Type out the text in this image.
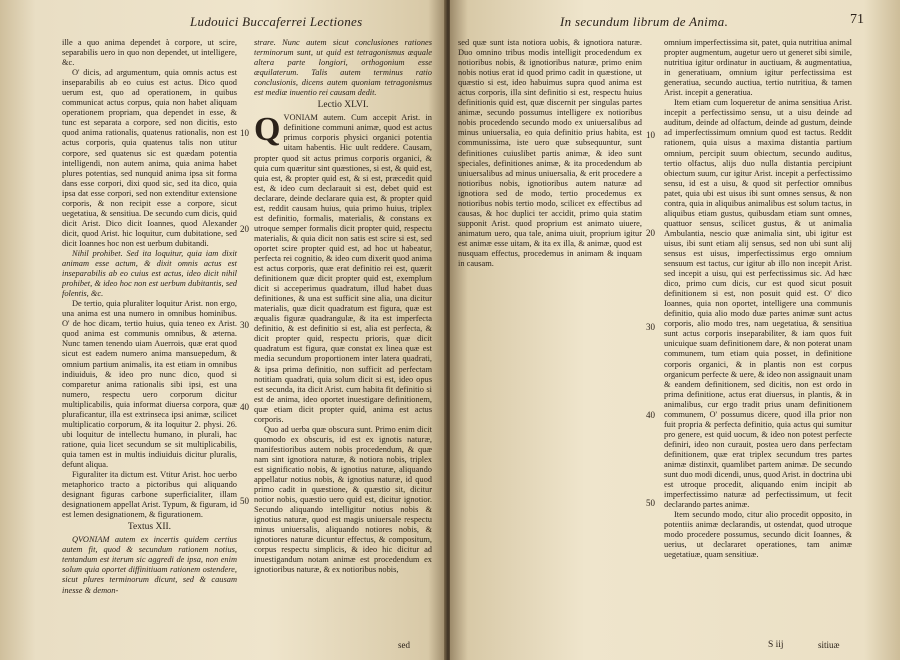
Ludouici Buccaferrei Lectiones

ille a quo anima dependet à corpore, ut scire, separabilis uero in quo non dependet, ut intelligere, &c.

O' dicis, ad argumentum, quia omnis actus est inseparabilis ab eo cuius est actus. Dico quod uerum est, quo ad operationem, in quibus communicat actus corpus, quia non habet aliquam operationem propriam, qua dependet in esse, & tunc est separata a corpore, sed non dicitis, esto quod anima rationalis, quatenus rationalis, non est actus corporis, quia quatenus talis non utitur corpore, sed quatenus sic est quædam potentia intelligendi, non autem anima, quia anima habet plures potentias, sed nunquid anima ipsa sit forma dans esse corpori, dixi quod sic, sed ita dico, quia ipsa dat esse corpori, sed non extenditur extensione corporis, & non recipit esse a corpore, sicut uegetatiua, & sensitiua. De secundo cum dicis, quid dicit Arist. Dico dicit Ioannes, quod Alexander dicit, quod Arist. hic loquitur, cum dubitatione, sed dicit Ioannes hoc non est uerbum dubitandi.

Nihil prohibet. Sed ita loquitur, quia iam dixit animam esse actum, & dixit omnis actus est inseparabilis ab eo cuius est actus, ideo dicit nihil prohibet, & ideo hoc non est uerbum dubitantis, sed folentis, &c.

De tertio, quia pluraliter loquitur Arist. non ergo, una anima est una numero in omnibus hominibus. O' de hoc dicam, tertio huius, quia teneo ex Arist. quod anima est communis omnibus, & æterna. Nunc tamen tenendo uiam Auerrois, quæ erat quod sicut est eadem numero anima mansuepedum, & omnium partium animalis, ita est etiam in omnibus indiuiduis, & ideo pro nunc dico, quod si comparetur anima rationalis sibi ipsi, est una numero, respectu uero corporum dicitur multiplicabilis, quia informat diuersa corpora, quæ pluraficantur, illa est extrinseca ipsi animæ, scilicet multiplicatio corporum, & ita loquitur 2. physi. 26. ubi loquitur de intellectu humano, in plurali, hac ratione, quia licet secundum se sit multiplicabilis, quia tamen est in multis indiuiduis dicitur pluralis, defunt aliqua.

Figuraliter ita dictum est. Vtitur Arist. hoc uerbo metaphorico tracto a pictoribus qui aliquando designant figuras carbone superficialiter, illam designationem appellat Arist. Typum, & figuram, id est lemen designationem, & figurationem.

Textus XII.

QVONIAM autem ex incertis quidem certius autem fit, quod & secundum rationem notius, tentandum est iterum sic aggredi de ipsa, non enim solum quia oportet diffinitiuam rationem ostendere, sicut plures terminorum dicunt, sed & causam inesse & demon-

10
20
30
40
50

strare. Nunc autem sicut conclusiones rationes terminorum sunt, ut quid est tetragonismus æquale altera parte longiori, orthogonium esse æquilaterum. Talis autem terminus ratio conclusionis, dicens autem quoniam tetragonismus est mediæ inuentio rei causam dedit.

Lectio XLVI.

QVONIAM autem. Cum accepit Arist. in definitione communi animæ, quod est actus primus corporis physici organici potentia uitam habentis. Hic uult reddere. Causam, propter quod sit actus primus corporis organici, & quia cum quæritur sint quæstiones, si est, & quid est, quia est, & propter quid est, & si est, præcedit quid est, & ideo cum declarauit si est, debet quid est declarare, deinde declarare quia est, & propter quid est, reddit causam huius, quia primo huius, triplex est definitio, formalis, materialis, & constans ex utroque semper formalis dicit propter quid, respectu materialis, & quia dicit non satis est scire si est, sed oportet scire propter quid est, ad hoc ut habeatur, perfecta rei cognitio, & ideo cum dixerit quod anima est actus corporis, quæ erat definitio rei est, quærit definitionem quæ dicit propter quid est, exemplum dicit si acceperimus quadratum, illud habet duas definitiones, & una est sufficit sine alia, una dicitur materialis, quæ dicit quadratum est figura, quæ est æqualis figuræ quadrangulæ, & ita est imperfecta definitio, & est definitio si est, alia est perfecta, & dicit propter quid, respectu prioris, quæ dicit quadratum est figura, quæ constat ex linea quæ est media secundum proportionem inter latera quadrati, & ipsa prima definitio, non sufficit ad perfectam notitiam quadrati, quia solum dicit si est, ideo opus est secunda, ita dicit Arist. cum habita fit definitio si est de anima, ideo oportet inuestigare definitionem, quæ etiam dicit propter quid, anima est actus corporis.

Quo ad uerba quæ obscura sunt. Primo enim dicit quomodo ex obscuris, id est ex ignotis naturæ, manifestioribus autem nobis procedendum, & quæ nam sint ignotiora naturæ, & notiora nobis, triplex est significatio nobis, & ignotius naturæ, aliquando appellatur notius nobis, & ignotius naturæ, id quod primo cadit in quæstione, & quæstio sit, dicitur notior nobis, quæstio uero quid est, dicitur ignotior. Secundo aliquando intelligitur notius nobis & ignotius naturæ, quod est magis uniuersale respectu minus uniuersalis, aliquando notiores nobis, & ignotiores naturæ dicuntur effectus, & compositum, corpus respectu simplicis, & ideo hic dicitur ad inuestigandum notam animæ est procedendum ex ignotioribus naturæ, & ex notioribus nobis,

sed
In secundum librum de Anima.	71

sed quæ sunt ista notiora uobis, & ignotiora naturæ. Duo omnino tribus modis intelligit procedendum ex notioribus nobis, & ignotioribus naturæ, primo enim nobis notius erat id quod primo cadit in quæstione, ut quæstio si est, ideo habuimus supra quod anima est actus corporis, illa sint definitio si est, respectu huius definitionis quid est, quæ discernit per singulas partes animæ, secundo possumus intelligere ex notioribus nobis procedendo secundo modo ex uniuersalibus ad minus uniuersalia, eo quia definitio prius habita, est communissima, iste uero quæ subsequuntur, sunt definitiones cuiuslibet partis animæ, & ideo sunt speciales, definitiones animæ, & ita procedendum ab uniuersalibus ad minus uniuersalia, & erit procedere a notioribus nobis, ignotioribus autem naturæ ad ignotiora sed de modo, tertio procedemus ex notioribus nobis tertio modo, scilicet ex effectibus ad causas, & hoc duplici ter accidit, primo quia statim supponit Arist. quod proprium est animato uiuere, animatum uero, qua tale, anima uiuit, proprium igitur est animæ esse uitam, & ita ex illa, & animæ, quod est nusquam effectus, procedemus in animam & inquam in causam.

10
20
30
40
50

omnium imperfectissima sit, patet, quia nutritiua animal propter augmentum, augetur uero ut generet sibi simile, nutritiua igitur ordinatur in auctiuam, & augmentatiua, in generatiuam, omnium igitur perfectissima est generatiua, secundo auctiua, tertio nutritiua, & tamen Arist. incepit a generatiua.

Item etiam cum loqueretur de anima sensitiua Arist. incepit a perfectissimo sensu, ut a uisu deinde ad auditum, deinde ad olfactum, deinde ad gustum, deinde ad imperfectissimum omnium quod est tactus. Reddit rationem, quia uisus a maxima distantia partium omnium, percipit suum obiectum, secundo auditus, tertio olfactus, alijs duo nulla distantia percipiunt obiectum suum, cur igitur Arist. incepit a perfectissimo sensu, id est a uisu, & quod sit perfectior omnibus patet, quia ubi est uisus ibi sunt omnes sensus, & non contra, quia in aliquibus animalibus est solum tactus, in aliquibus etiam gustus, quibusdam etiam sunt omnes, quattuor sensus, scilicet gustus, & ut animalia Ambulantia, nescio quæ animalia sint, ubi igitur est uisus, ibi sunt etiam alij sensus, sed non ubi sunt alij sensus est uisus, imperfectissimus ergo omnium sensuum est tactus, cur igitur ab illo non incepit Arist. sed incepit a uisu, qui est perfectissimus sic. Ad hæc dico, primo cum dicis, cur est quod sicut posuit definitionem si est, non posuit quid est. O' dico Ioannes, quia non oportet, intelligere una communis definitio, quia alio modo duæ partes animæ sunt actus corporis, alio modo tres, nam uegetatiua, & sensitiua sunt actus corporis inseparabiliter, & iam quos fuit unicuique suam definitionem dare, & non poterat unam communem, tum etiam quia posset, in definitione corporis organici, & in plantis non est corpus organicum perfecte & uere, & ideo non assignauit unam & eandem definitionem, sed dicitis, non est ordo in prima definitione, actus erat diuersus, in plantis, & in animalibus, cur ergo tradit prius unam definitionem communem, O' possumus dicere, quod illa prior non fuit propria & perfecta definitio, quia actus qui sumitur pro genere, est quid uocum, & ideo non potest perfecte definiri, ideo non curauit, postea uero dans perfectam definitionem, quæ erat triplex secundum tres partes animæ distinxit, quamlibet partem animæ. De secundo sunt duo modi dicendi, unus, quod Arist. in doctrina ubi est utroque procedit, aliquando enim incipit ab imperfectissimo naturæ ad perfectissimum, ut fecit declarando partes animæ.

Item secundo modo, citur alio procedit opposito, in potentiis animæ declarandis, ut ostendat, quod utroque modo procedere possumus, secundo dicit Ioannes, & uerius, ut declararet operationes, tam animæ uegetatiuæ, quam sensitiuæ.

S iij	sitiuæ
